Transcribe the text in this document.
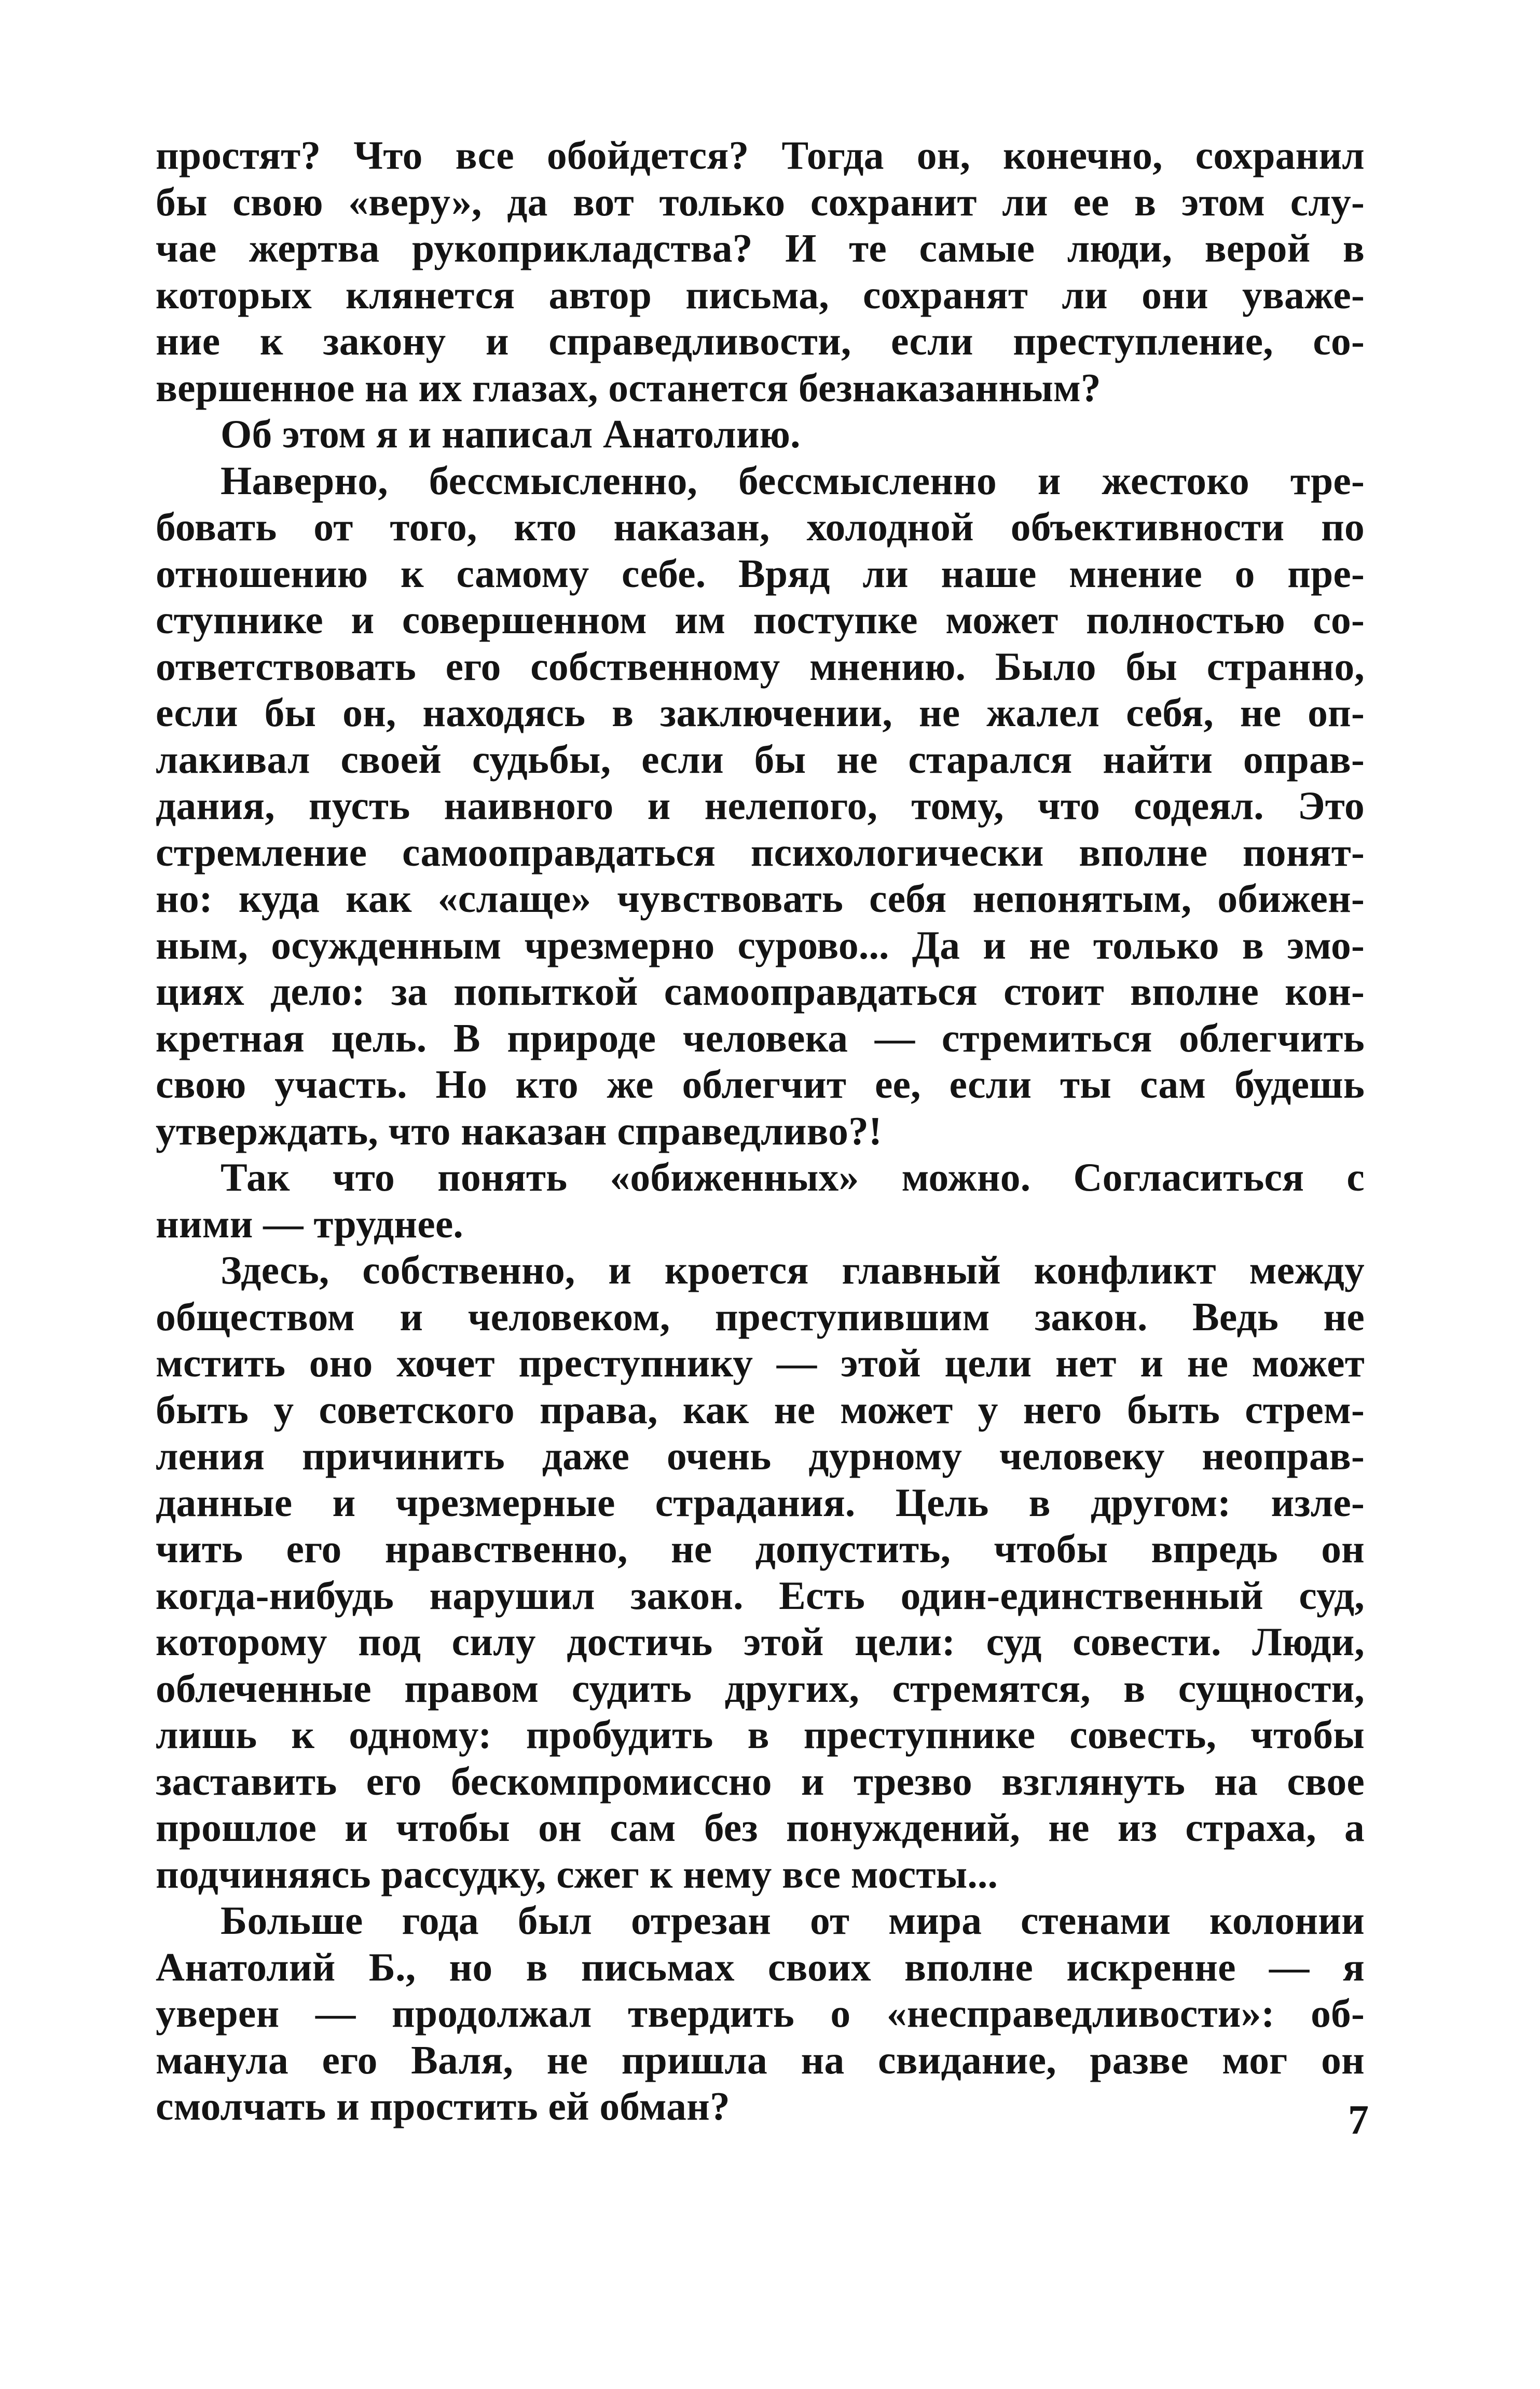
простят? Что все обойдется? Тогда он, конечно, сохранил
бы свою «веру», да вот только сохранит ли ее в этом слу-
чае жертва рукоприкладства? И те самые люди, верой в
которых клянется автор письма, сохранят ли они уваже-
ние к закону и справедливости, если преступление, со-
вершенное на их глазах, останется безнаказанным?
Об этом я и написал Анатолию.
Наверно, бессмысленно, бессмысленно и жестоко тре-
бовать от того, кто наказан, холодной объективности по
отношению к самому себе. Вряд ли наше мнение о пре-
ступнике и совершенном им поступке может полностью со-
ответствовать его собственному мнению. Было бы странно,
если бы он, находясь в заключении, не жалел себя, не оп-
лакивал своей судьбы, если бы не старался найти оправ-
дания, пусть наивного и нелепого, тому, что содеял. Это
стремление самооправдаться психологически вполне понят-
но: куда как «слаще» чувствовать себя непонятым, обижен-
ным, осужденным чрезмерно сурово... Да и не только в эмо-
циях дело: за попыткой самооправдаться стоит вполне кон-
кретная цель. В природе человека — стремиться облегчить
свою участь. Но кто же облегчит ее, если ты сам будешь
утверждать, что наказан справедливо?!
Так что понять «обиженных» можно. Согласиться с
ними — труднее.
Здесь, собственно, и кроется главный конфликт между
обществом и человеком, преступившим закон. Ведь не
мстить оно хочет преступнику — этой цели нет и не может
быть у советского права, как не может у него быть стрем-
ления причинить даже очень дурному человеку неоправ-
данные и чрезмерные страдания. Цель в другом: изле-
чить его нравственно, не допустить, чтобы впредь он
когда-нибудь нарушил закон. Есть один-единственный суд,
которому под силу достичь этой цели: суд совести. Люди,
облеченные правом судить других, стремятся, в сущности,
лишь к одному: пробудить в преступнике совесть, чтобы
заставить его бескомпромиссно и трезво взглянуть на свое
прошлое и чтобы он сам без понуждений, не из страха, а
подчиняясь рассудку, сжег к нему все мосты...
Больше года был отрезан от мира стенами колонии
Анатолий Б., но в письмах своих вполне искренне — я
уверен — продолжал твердить о «несправедливости»: об-
манула его Валя, не пришла на свидание, разве мог он
смолчать и простить ей обман?	7
